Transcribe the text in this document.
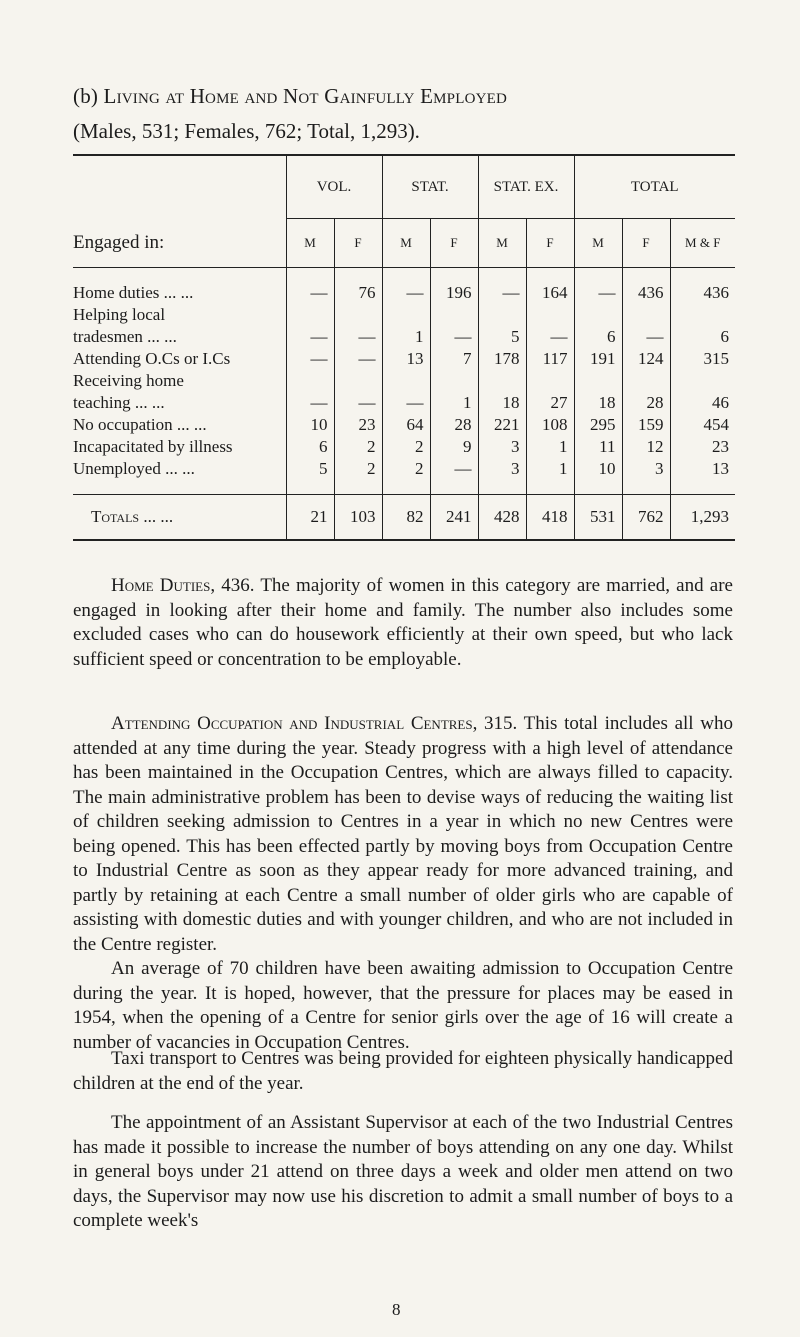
(b) Living at Home and Not Gainfully Employed
(Males, 531; Females, 762; Total, 1,293).

	VOL.		STAT.		STAT. EX.		TOTAL		
Engaged in:	M	F	M	F	M	F	M	F	M & F

Home duties ... ...	—	76	—	196	—	164	—	436	436
Helping local
tradesmen ... ...	—	—	1	—	5	—	6	—	6
Attending O.Cs or I.Cs	—	—	13	7	178	117	191	124	315
Receiving home
teaching ... ...	—	—	—	1	18	27	18	28	46
No occupation ... ...	10	23	64	28	221	108	295	159	454
Incapacitated by illness	6	2	2	9	3	1	11	12	23
Unemployed ... ...	5	2	2	—	3	1	10	3	13

Totals ... ...	21	103	82	241	428	418	531	762	1,293

Home Duties, 436. The majority of women in this category are married, and are engaged in looking after their home and family. The number also includes some excluded cases who can do housework efficiently at their own speed, but who lack sufficient speed or concentration to be employable.

Attending Occupation and Industrial Centres, 315. This total includes all who attended at any time during the year. Steady progress with a high level of attendance has been maintained in the Occupation Centres, which are always filled to capacity. The main administrative problem has been to devise ways of reducing the waiting list of children seeking admission to Centres in a year in which no new Centres were being opened. This has been effected partly by moving boys from Occupation Centre to Industrial Centre as soon as they appear ready for more advanced training, and partly by retaining at each Centre a small number of older girls who are capable of assisting with domestic duties and with younger children, and who are not included in the Centre register.

An average of 70 children have been awaiting admission to Occupation Centre during the year. It is hoped, however, that the pressure for places may be eased in 1954, when the opening of a Centre for senior girls over the age of 16 will create a number of vacancies in Occupation Centres.

Taxi transport to Centres was being provided for eighteen physically handicapped children at the end of the year.

The appointment of an Assistant Supervisor at each of the two Industrial Centres has made it possible to increase the number of boys attending on any one day. Whilst in general boys under 21 attend on three days a week and older men attend on two days, the Supervisor may now use his discretion to admit a small number of boys to a complete week's

8
